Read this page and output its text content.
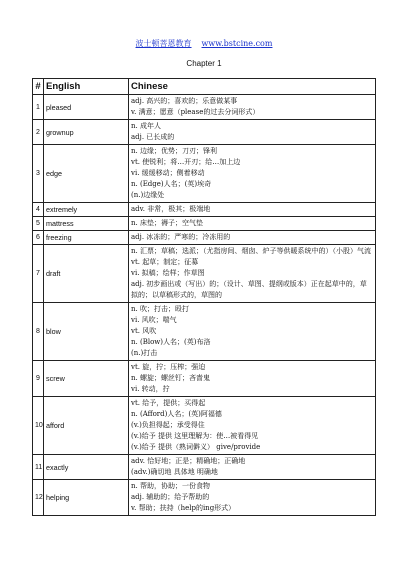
波士顿菩恩教育 www.bstcine.com
Chapter 1
#	English	Chinese
1	pleased	adj. 高兴的；喜欢的；乐意做某事
v. 满意；愿意（please的过去分词形式）

2	grownup	n. 成年人
adj. 已长成的

3	edge	n. 边缘；优势；刀刃；锋利
vt. 使锐利；将…开刃；给…加上边
vi. 缓缓移动；侧着移动
n. (Edge)人名；(英)埃奇
(n.)边缘处

4	extremely	adv. 非常，极其；极端地

5	mattress	n. 床垫；褥子；空气垫

6	freezing	adj. 冰冻的；严寒的；冷冻用的

7	draft	n. 汇票；草稿；选派；（尤指房间、烟囱、炉子等供暖系统中的）（小股）气流
vt. 起草；制定；征募
vi. 拟稿；绘样；作草图
adj. 初步画出或（写出）的；（设计、草图、提纲或版本）正在起草中的，草拟的；以草稿形式的，草图的

8	blow	n. 吹；打击；殴打
vi. 风吹；喘气
vt. 风吹
n. (Blow)人名；(英)布洛
(n.)打击

9	screw	vt. 旋，拧；压榨；强迫
n. 螺旋；螺丝钉；吝啬鬼
vi. 转动，拧

10	afford	vt. 给予，提供；买得起
n. (Afford)人名；(英)阿福德
(v.)负担得起；承受得住
(v.)给予 提供 这里理解为：使…被看得见
(v.)给予 提供（熟词僻义） give/provide

11	exactly	adv. 恰好地；正是；精确地；正确地
(adv.)确切地 具体地 明确地

12	helping	n. 帮助，协助；一份食物
adj. 辅助的；给予帮助的
v. 帮助；扶持（help的ing形式）
